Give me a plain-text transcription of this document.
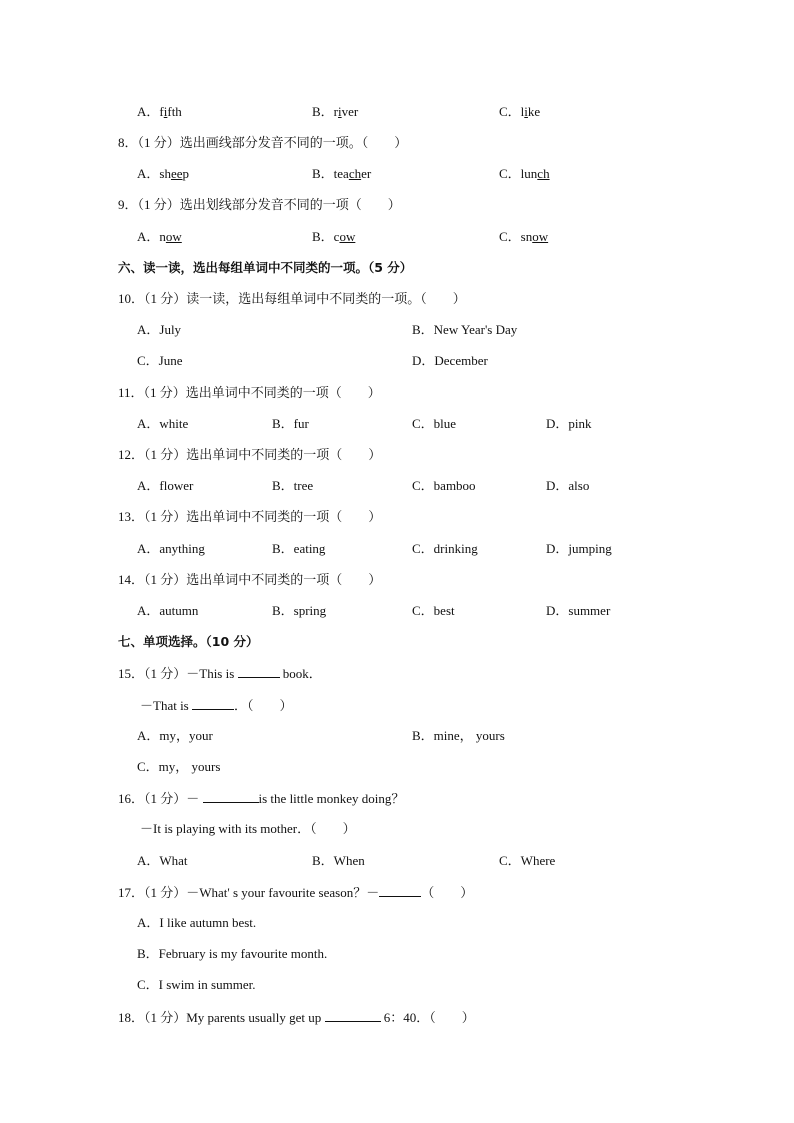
A．fifth	B．river	C．like
8．（1 分）选出画线部分发音不同的一项。（　　）
A．sheep	B．teacher	C．lunch
9．（1 分）选出划线部分发音不同的一项（　　）
A．now	B．cow	C．snow
六、读一读，选出每组单词中不同类的一项。（5 分）
10．（1 分）读一读，选出每组单词中不同类的一项。（　　）
A．July	B．New Year's Day
C．June	D．December
11．（1 分）选出单词中不同类的一项（　　）
A．white	B．fur	C．blue	D．pink
12．（1 分）选出单词中不同类的一项（　　）
A．flower	B．tree	C．bamboo	D．also
13．（1 分）选出单词中不同类的一项（　　）
A．anything	B．eating	C．drinking	D．jumping
14．（1 分）选出单词中不同类的一项（　　）
A．autumn	B．spring	C．best	D．summer
七、单项选择。（10 分）
15．（1 分）－This is	book．
－That is	．（　　）
A．my，your	B．mine， yours
C．my， yours
16．（1 分）－	is the little monkey doing？
－It is playing with its mother．（　　）
A．What	B．When	C．Where
17．（1 分）－What' s your favourite season？－	（　　）
A．I like autumn best.
B．February is my favourite month.
C．I swim in summer.
18．（1 分）My parents usually get up	6：40．（　　）
